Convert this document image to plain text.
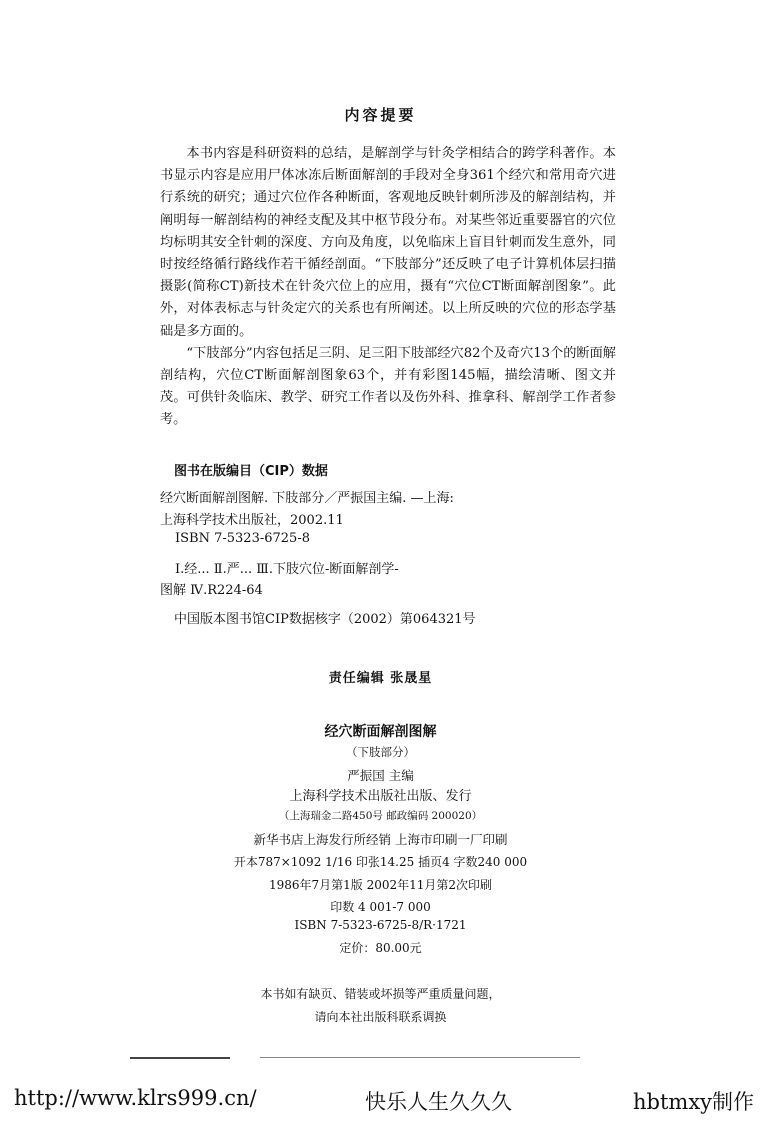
内容提要

本书内容是科研资料的总结，是解剖学与针灸学相结合的跨学科著作。本书显示内容是应用尸体冰冻后断面解剖的手段对全身361个经穴和常用奇穴进行系统的研究；通过穴位作各种断面，客观地反映针刺所涉及的解剖结构，并阐明每一解剖结构的神经支配及其中枢节段分布。对某些邻近重要器官的穴位均标明其安全针刺的深度、方向及角度，以免临床上盲目针刺而发生意外，同时按经络循行路线作若干循经剖面。“下肢部分”还反映了电子计算机体层扫描摄影(简称CT)新技术在针灸穴位上的应用，摄有“穴位CT断面解剖图象”。此外，对体表标志与针灸定穴的关系也有所阐述。以上所反映的穴位的形态学基础是多方面的。

“下肢部分”内容包括足三阴、足三阳下肢部经穴82个及奇穴13个的断面解剖结构，穴位CT断面解剖图象63个，并有彩图145幅，描绘清晰、图文并茂。可供针灸临床、教学、研究工作者以及伤外科、推拿科、解剖学工作者参考。

图书在版编目（CIP）数据
经穴断面解剖图解. 下肢部分／严振国主编. —上海:
上海科学技术出版社，2002.11
ISBN 7-5323-6725-8
Ⅰ.经... Ⅱ.严... Ⅲ.下肢穴位-断面解剖学-
图解 Ⅳ.R224-64
中国版本图书馆CIP数据核字（2002）第064321号
责任编辑 张晟星
经穴断面解剖图解
（下肢部分）
严振国 主编
上海科学技术出版社出版、发行
（上海瑞金二路450号 邮政编码 200020）
新华书店上海发行所经销 上海市印刷一厂印刷
开本787×1092 1/16 印张14.25 插页4 字数240 000
1986年7月第1版 2002年11月第2次印刷
印数 4 001-7 000
ISBN 7-5323-6725-8/R·1721
定价：80.00元
本书如有缺页、错装或坏损等严重质量问题，
请向本社出版科联系调换
http://www.klrs999.cn/	快乐人生久久久	hbtmxy制作
